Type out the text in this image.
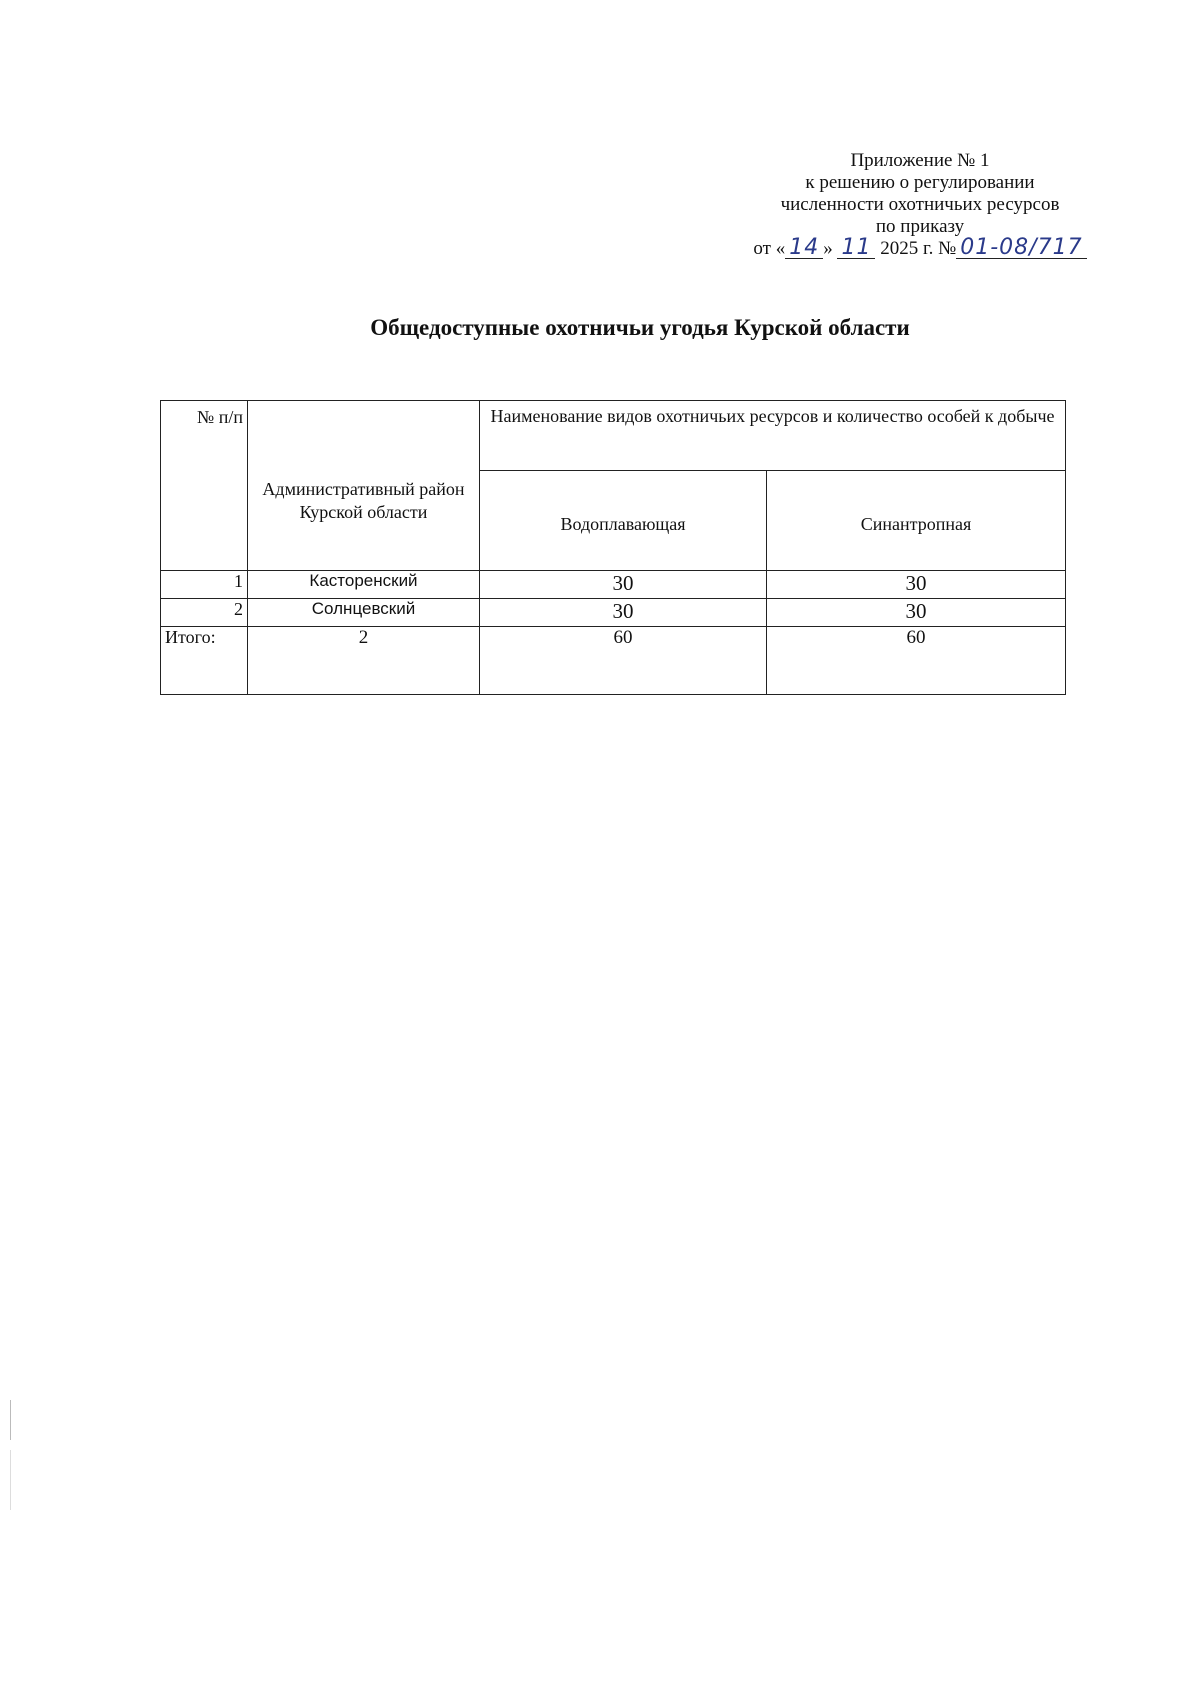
Приложение № 1
к решению о регулировании
численности охотничьих ресурсов
по приказу
от « 14 » 11 2025 г. № 01-08/717
Общедоступные охотничьи угодья Курской области
№ п/п	Административный район Курской области	Наименование видов охотничьих ресурсов и количество особей к добыче	
		Водоплавающая	Синантропная
1	Касторенский	30	30
2	Солнцевский	30	30
Итого:	2	60	60
